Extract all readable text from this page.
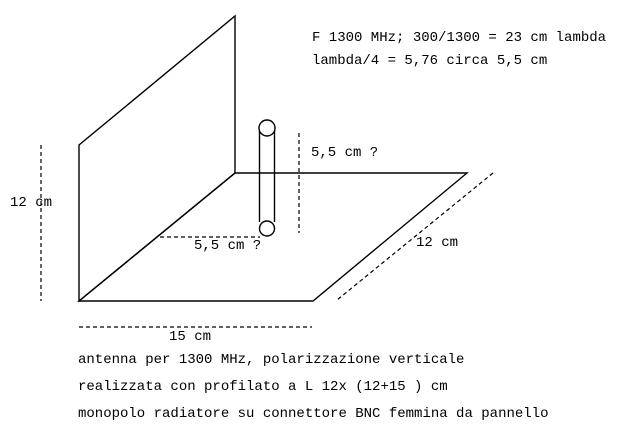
F 1300 MHz; 300/1300 = 23 cm lambda
lambda/4 = 5,76 circa 5,5 cm
12 cm
5,5 cm ?
5,5 cm ?	12 cm
15 cm
antenna per 1300 MHz, polarizzazione verticale
realizzata con profilato a L 12x (12+15 ) cm
monopolo radiatore su connettore BNC femmina da pannello
